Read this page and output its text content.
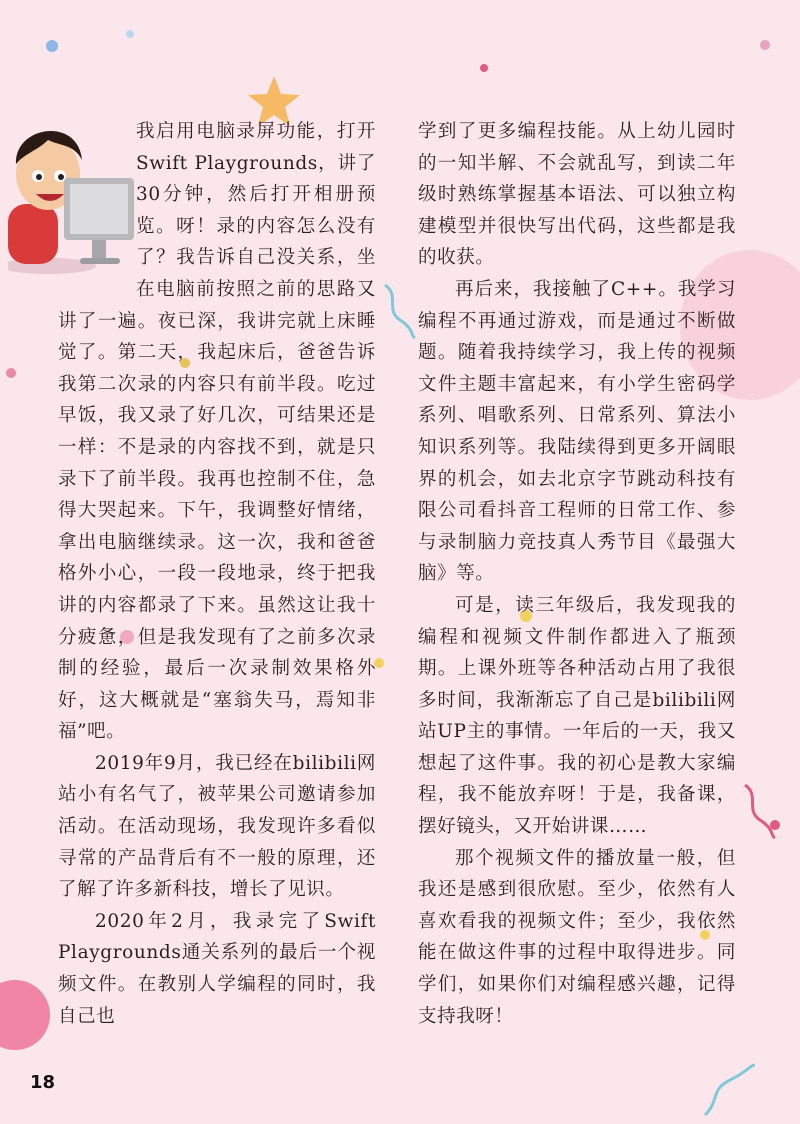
18

我启用电脑录屏功能，打开Swift Playgrounds，讲了30分钟，然后打开相册预览。呀！录的内容怎么没有了？我告诉自己没关系，坐在电脑前按照之前的思路又讲了一遍。夜已深，我讲完就上床睡觉了。第二天，我起床后，爸爸告诉我第二次录的内容只有前半段。吃过早饭，我又录了好几次，可结果还是一样：不是录的内容找不到，就是只录下了前半段。我再也控制不住，急得大哭起来。下午，我调整好情绪，拿出电脑继续录。这一次，我和爸爸格外小心，一段一段地录，终于把我讲的内容都录了下来。虽然这让我十分疲惫，但是我发现有了之前多次录制的经验，最后一次录制效果格外好，这大概就是“塞翁失马，焉知非福”吧。

2019年9月，我已经在bilibili网站小有名气了，被苹果公司邀请参加活动。在活动现场，我发现许多看似寻常的产品背后有不一般的原理，还了解了许多新科技，增长了见识。

2020年2月，我录完了Swift Playgrounds通关系列的最后一个视频文件。在教别人学编程的同时，我自己也

学到了更多编程技能。从上幼儿园时的一知半解、不会就乱写，到读二年级时熟练掌握基本语法、可以独立构建模型并很快写出代码，这些都是我的收获。

再后来，我接触了C++。我学习编程不再通过游戏，而是通过不断做题。随着我持续学习，我上传的视频文件主题丰富起来，有小学生密码学系列、唱歌系列、日常系列、算法小知识系列等。我陆续得到更多开阔眼界的机会，如去北京字节跳动科技有限公司看抖音工程师的日常工作、参与录制脑力竞技真人秀节目《最强大脑》等。

可是，读三年级后，我发现我的编程和视频文件制作都进入了瓶颈期。上课外班等各种活动占用了我很多时间，我渐渐忘了自己是bilibili网站UP主的事情。一年后的一天，我又想起了这件事。我的初心是教大家编程，我不能放弃呀！于是，我备课，摆好镜头，又开始讲课……

那个视频文件的播放量一般，但我还是感到很欣慰。至少，依然有人喜欢看我的视频文件；至少，我依然能在做这件事的过程中取得进步。同学们，如果你们对编程感兴趣，记得支持我呀！
